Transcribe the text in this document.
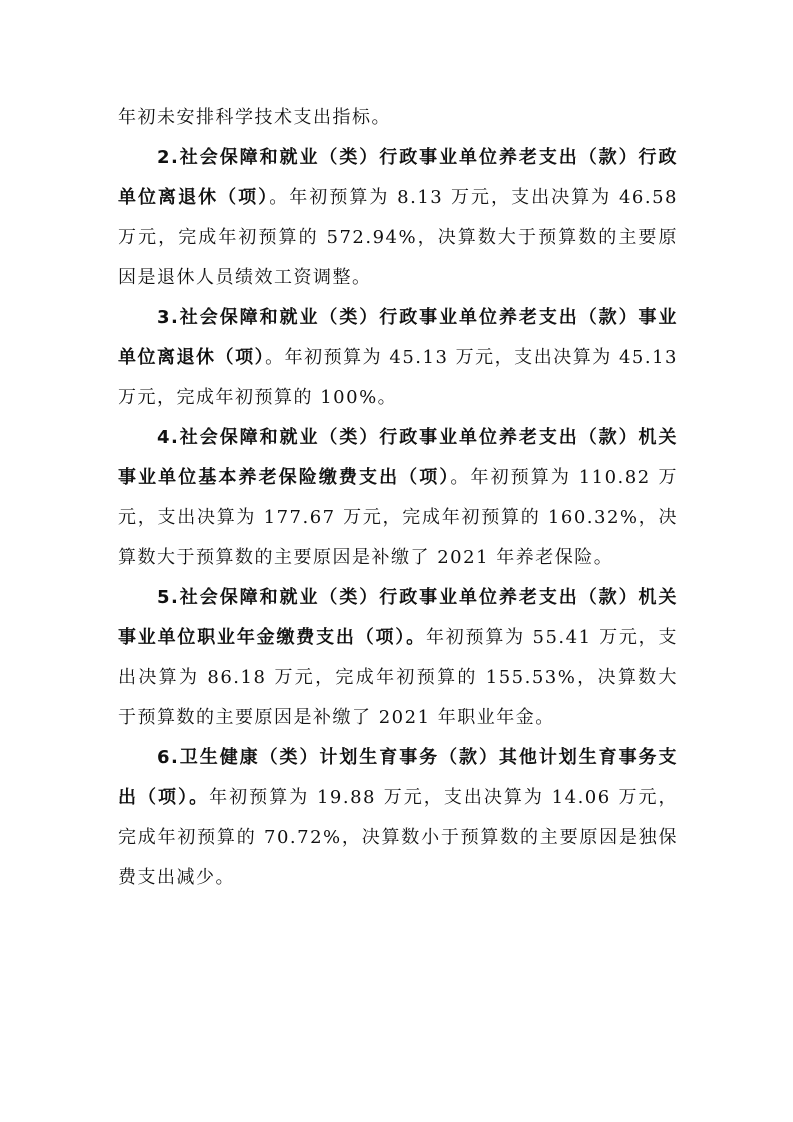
年初未安排科学技术支出指标。

2.社会保障和就业（类）行政事业单位养老支出（款）行政单位离退休（项）。年初预算为 8.13 万元，支出决算为 46.58 万元，完成年初预算的 572.94%，决算数大于预算数的主要原因是退休人员绩效工资调整。

3.社会保障和就业（类）行政事业单位养老支出（款）事业单位离退休（项）。年初预算为 45.13 万元，支出决算为 45.13 万元，完成年初预算的 100%。

4.社会保障和就业（类）行政事业单位养老支出（款）机关事业单位基本养老保险缴费支出（项）。年初预算为 110.82 万元，支出决算为 177.67 万元，完成年初预算的 160.32%，决算数大于预算数的主要原因是补缴了 2021 年养老保险。

5.社会保障和就业（类）行政事业单位养老支出（款）机关事业单位职业年金缴费支出（项）。年初预算为 55.41 万元，支出决算为 86.18 万元，完成年初预算的 155.53%，决算数大于预算数的主要原因是补缴了 2021 年职业年金。

6.卫生健康（类）计划生育事务（款）其他计划生育事务支出（项）。年初预算为 19.88 万元，支出决算为 14.06 万元，完成年初预算的 70.72%，决算数小于预算数的主要原因是独保费支出减少。
